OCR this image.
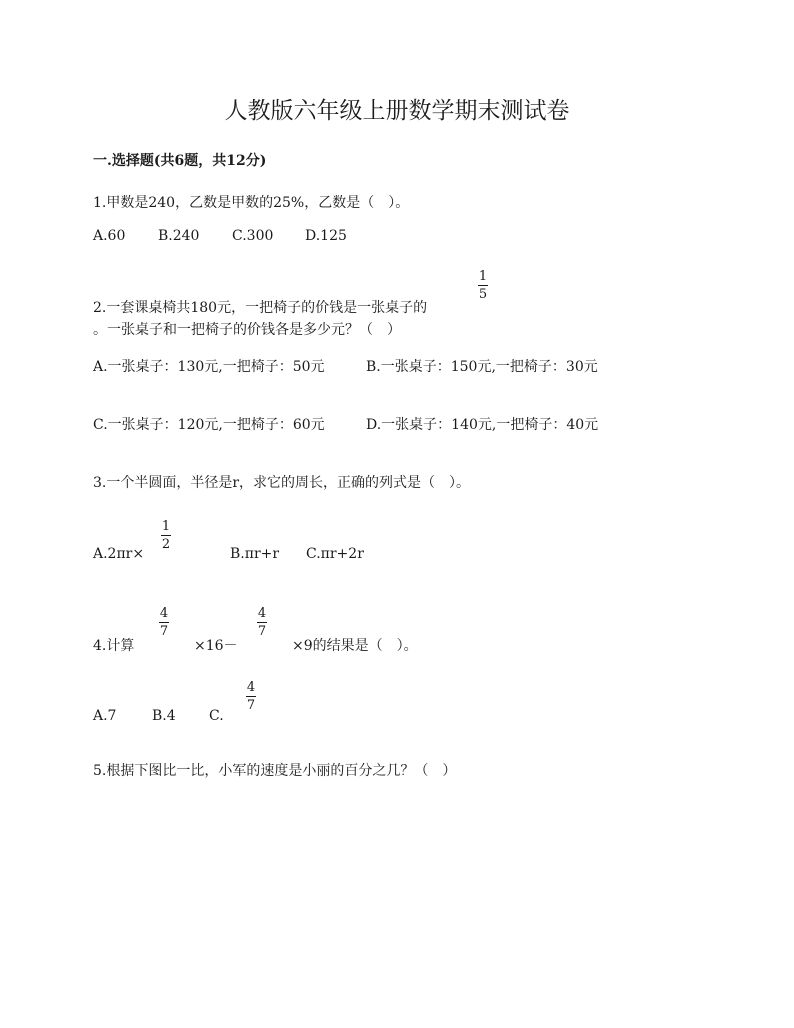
人教版六年级上册数学期末测试卷
一.选择题(共6题，共12分)
1.甲数是240，乙数是甲数的25%，乙数是（　）。
A.60 B.240 C.300 D.125
1
5
2.一套课桌椅共180元，一把椅子的价钱是一张桌子的
。一张桌子和一把椅子的价钱各是多少元？（　）
A.一张桌子：130元,一把椅子：50元	B.一张桌子：150元,一把椅子：30元
C.一张桌子：120元,一把椅子：60元	D.一张桌子：140元,一把椅子：40元
3.一个半圆面，半径是r，求它的周长，正确的列式是（　）。
1
2
A.2πr×	B.πr+r C.πr+2r
4
7
4
7
4.计算	×16－	×9的结果是（　）。
4
7
A.7	B.4 C.
5.根据下图比一比，小军的速度是小丽的百分之几？（　）
